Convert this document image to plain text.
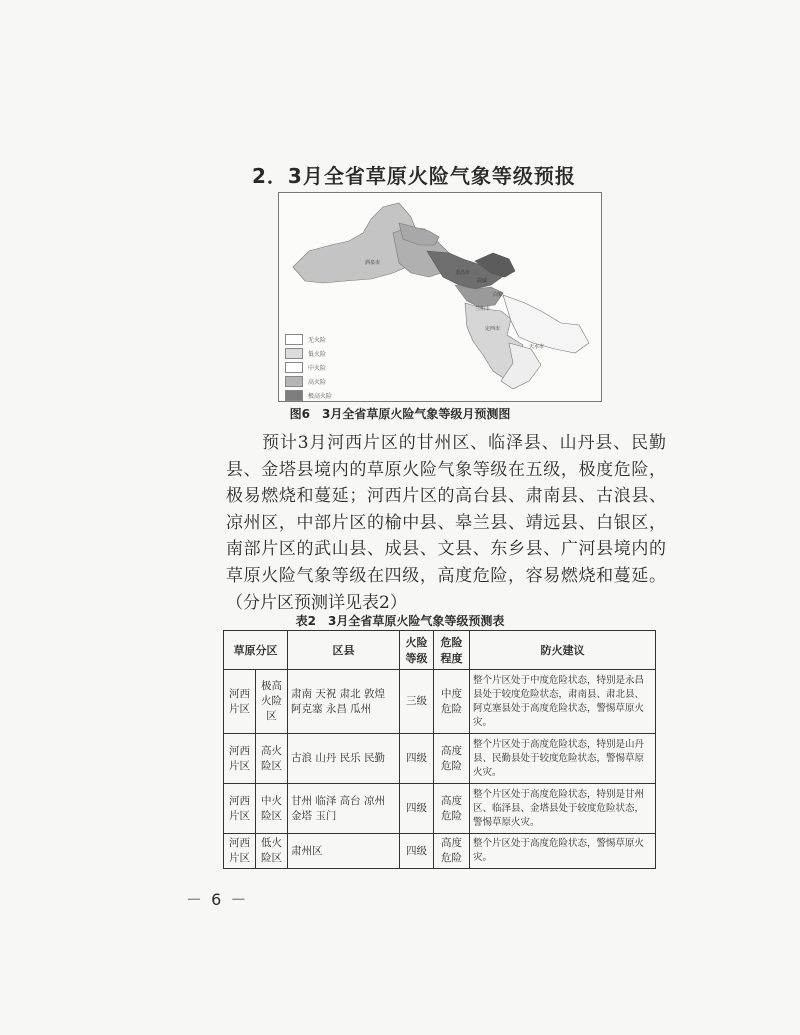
2．3月全省草原火险气象等级预报
无火险
低火险
中火险
高火险
极高火险
酒泉市
金昌市
武威
白银
兰州市
定西市
天水市
图6　3月全省草原火险气象等级月预测图

预计3月河西片区的甘州区、临泽县、山丹县、民勤县、金塔县境内的草原火险气象等级在五级，极度危险，极易燃烧和蔓延；河西片区的高台县、肃南县、古浪县、凉州区，中部片区的榆中县、皋兰县、靖远县、白银区，南部片区的武山县、成县、文县、东乡县、广河县境内的草原火险气象等级在四级，高度危险，容易燃烧和蔓延。（分片区预测详见表2）

表2　3月全省草原火险气象等级预测表
草原分区		区县	火险等级	危险程度	防火建议
河西片区	极高火险区	肃南 天祝 肃北 敦煌 阿克塞 永昌 瓜州	三级	中度危险	整个片区处于中度危险状态，特别是永昌县处于较度危险状态，肃南县、肃北县、阿克塞县处于高度危险状态，警惕草原火灾。
河西片区	高火险区	古浪 山丹 民乐 民勤	四级	高度危险	整个片区处于高度危险状态，特别是山丹县、民勤县处于较度危险状态，警惕草原火灾。
河西片区	中火险区	甘州 临泽 高台 凉州 金塔 玉门	四级	高度危险	整个片区处于高度危险状态，特别是甘州区、临泽县、金塔县处于较度危险状态，警惕草原火灾。
河西片区	低火险区	肃州区	四级	高度危险	整个片区处于高度危险状态，警惕草原火灾。
－ 6 －
